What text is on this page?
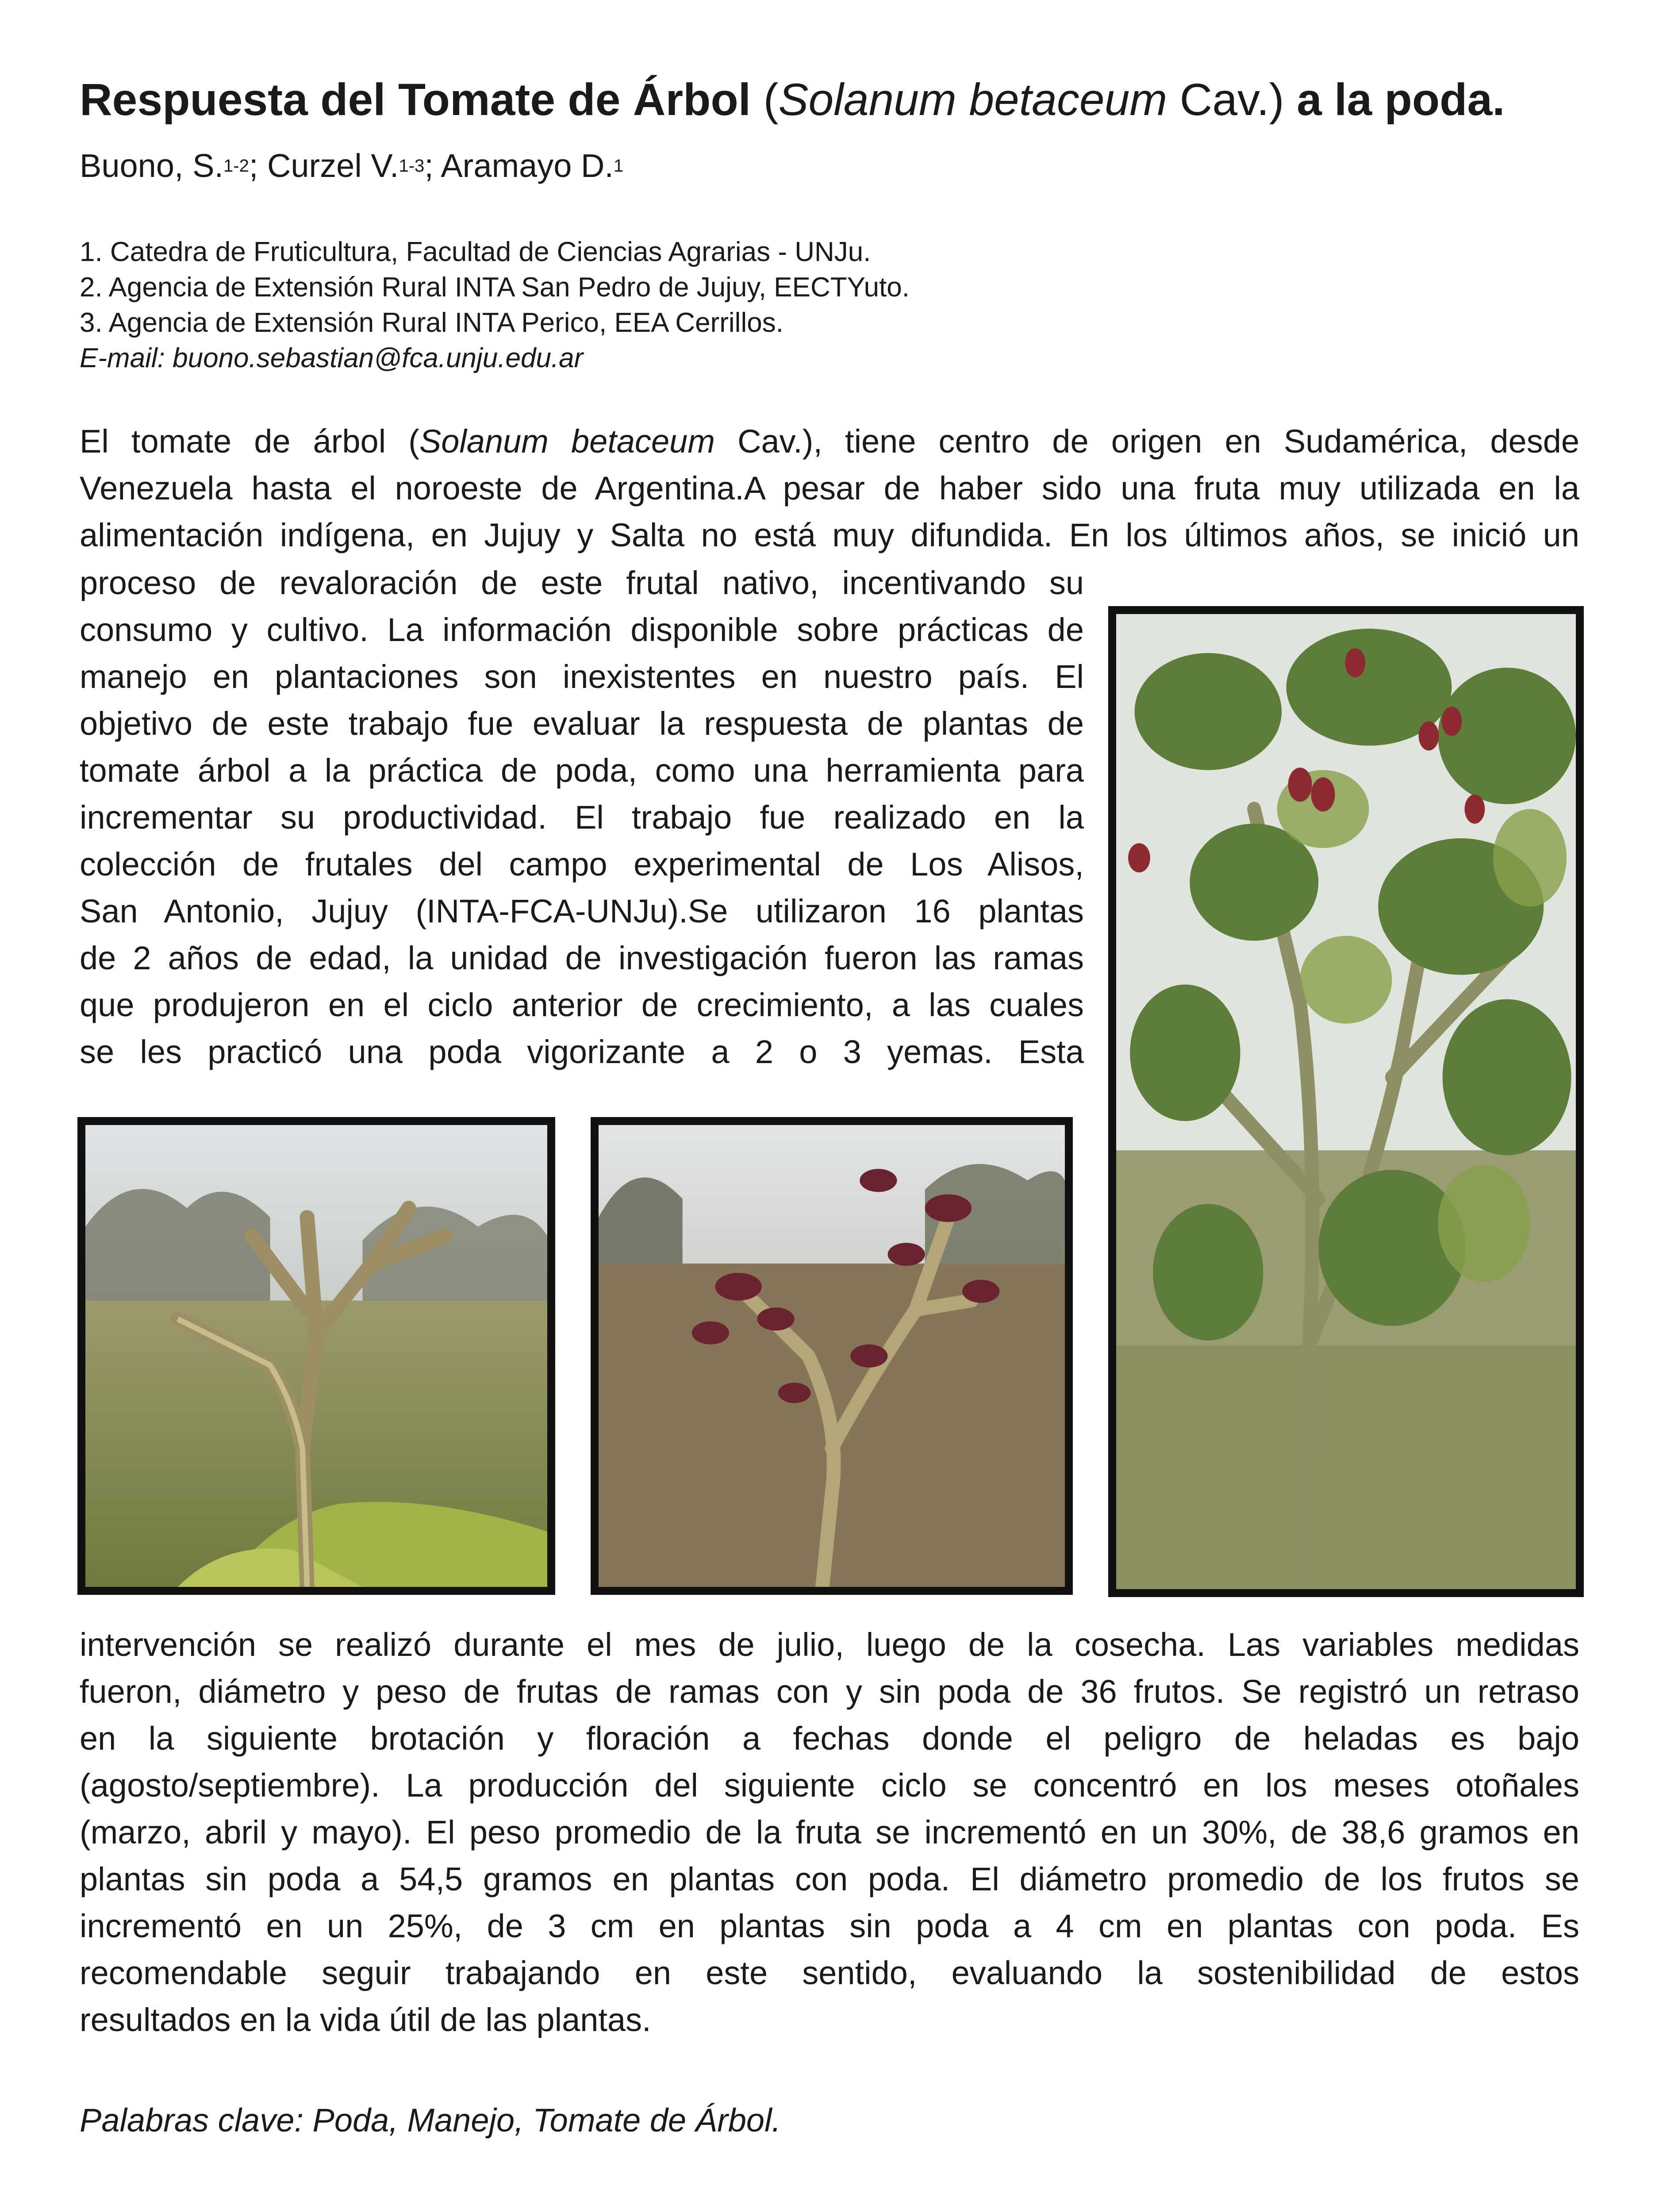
Respuesta del Tomate de Árbol (Solanum betaceum Cav.) a la poda.
Buono, S.$^{1-2}$; Curzel V.$^{1-3}$; Aramayo D.$^1$
1. Catedra de Fruticultura, Facultad de Ciencias Agrarias - UNJu.
2. Agencia de Extensión Rural INTA San Pedro de Jujuy, EECTYuto.
3. Agencia de Extensión Rural INTA Perico, EEA Cerrillos.
E-mail: buono.sebastian@fca.unju.edu.ar
El tomate de árbol (Solanum betaceum Cav.), tiene centro de origen en Sudamérica, desde
Venezuela hasta el noroeste de Argentina.A pesar de haber sido una fruta muy utilizada en la
alimentación indígena, en Jujuy y Salta no está muy difundida. En los últimos años, se inició un
proceso de revaloración de este frutal nativo, incentivando su
consumo y cultivo. La información disponible sobre prácticas de
manejo en plantaciones son inexistentes en nuestro país. El
objetivo de este trabajo fue evaluar la respuesta de plantas de
tomate árbol a la práctica de poda, como una herramienta para
incrementar su productividad. El trabajo fue realizado en la
colección de frutales del campo experimental de Los Alisos,
San Antonio, Jujuy (INTA-FCA-UNJu).Se utilizaron 16 plantas
de 2 años de edad, la unidad de investigación fueron las ramas
que produjeron en el ciclo anterior de crecimiento, a las cuales
se les practicó una poda vigorizante a 2 o 3 yemas. Esta
intervención se realizó durante el mes de julio, luego de la cosecha. Las variables medidas
fueron, diámetro y peso de frutas de ramas con y sin poda de 36 frutos. Se registró un retraso
en la siguiente brotación y floración a fechas donde el peligro de heladas es bajo
(agosto/septiembre). La producción del siguiente ciclo se concentró en los meses otoñales
(marzo, abril y mayo). El peso promedio de la fruta se incrementó en un 30%, de 38,6 gramos en
plantas sin poda a 54,5 gramos en plantas con poda. El diámetro promedio de los frutos se
incrementó en un 25%, de 3 cm en plantas sin poda a 4 cm en plantas con poda. Es
recomendable seguir trabajando en este sentido, evaluando la sostenibilidad de estos
resultados en la vida útil de las plantas.
Palabras clave: Poda, Manejo, Tomate de Árbol.
